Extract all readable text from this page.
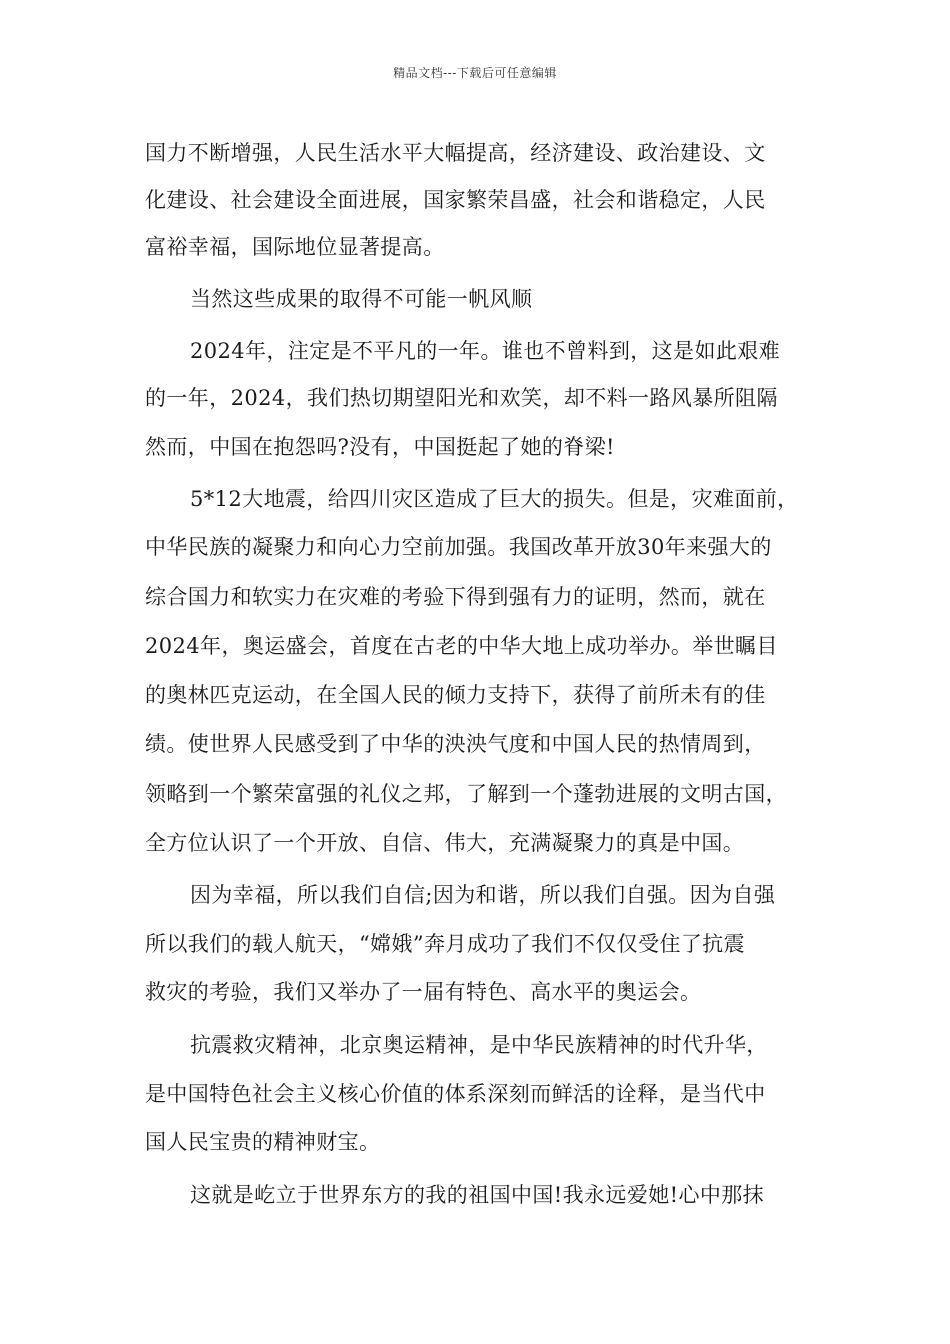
精品文档---下载后可任意编辑
国力不断增强，人民生活水平大幅提高，经济建设、政治建设、文
化建设、社会建设全面进展，国家繁荣昌盛，社会和谐稳定，人民
富裕幸福，国际地位显著提高。
当然这些成果的取得不可能一帆风顺
2024年，注定是不平凡的一年。谁也不曾料到，这是如此艰难
的一年，2024，我们热切期望阳光和欢笑，却不料一路风暴所阻隔
然而，中国在抱怨吗?没有，中国挺起了她的脊梁!
5*12大地震，给四川灾区造成了巨大的损失。但是，灾难面前，
中华民族的凝聚力和向心力空前加强。我国改革开放30年来强大的
综合国力和软实力在灾难的考验下得到强有力的证明，然而，就在
2024年，奥运盛会，首度在古老的中华大地上成功举办。举世瞩目
的奥林匹克运动，在全国人民的倾力支持下，获得了前所未有的佳
绩。使世界人民感受到了中华的泱泱气度和中国人民的热情周到，
领略到一个繁荣富强的礼仪之邦，了解到一个蓬勃进展的文明古国，
全方位认识了一个开放、自信、伟大，充满凝聚力的真是中国。
因为幸福，所以我们自信;因为和谐，所以我们自强。因为自强
所以我们的载人航天，“嫦娥”奔月成功了我们不仅仅受住了抗震
救灾的考验，我们又举办了一届有特色、高水平的奥运会。
抗震救灾精神，北京奥运精神，是中华民族精神的时代升华，
是中国特色社会主义核心价值的体系深刻而鲜活的诠释，是当代中
国人民宝贵的精神财宝。
这就是屹立于世界东方的我的祖国中国!我永远爱她!心中那抹
